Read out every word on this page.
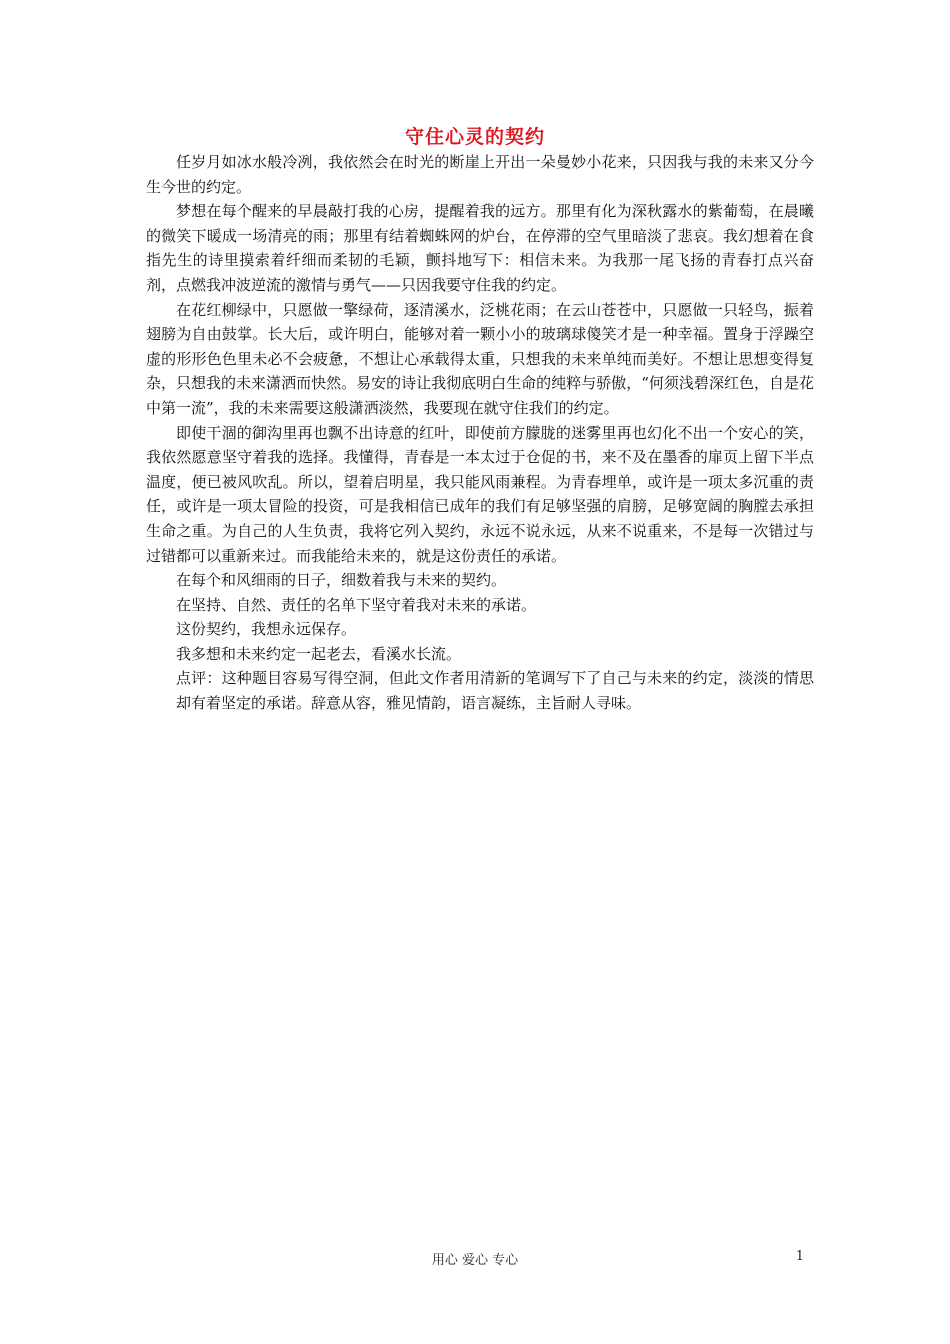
守住心灵的契约

任岁月如冰水般冷冽，我依然会在时光的断崖上开出一朵曼妙小花来，只因我与我的未来又分今生今世的约定。

梦想在每个醒来的早晨敲打我的心房，提醒着我的远方。那里有化为深秋露水的紫葡萄，在晨曦的微笑下暖成一场清亮的雨；那里有结着蜘蛛网的炉台，在停滞的空气里暗淡了悲哀。我幻想着在食指先生的诗里摸索着纤细而柔韧的毛颖，颤抖地写下：相信未来。为我那一尾飞扬的青春打点兴奋剂，点燃我冲波逆流的激情与勇气——只因我要守住我的约定。

在花红柳绿中，只愿做一擎绿荷，逐清溪水，泛桃花雨；在云山苍苍中，只愿做一只轻鸟，振着翅膀为自由鼓掌。长大后，或许明白，能够对着一颗小小的玻璃球傻笑才是一种幸福。置身于浮躁空虚的形形色色里未必不会疲惫，不想让心承载得太重，只想我的未来单纯而美好。不想让思想变得复杂，只想我的未来潇洒而快然。易安的诗让我彻底明白生命的纯粹与骄傲，“何须浅碧深红色，自是花中第一流”，我的未来需要这般潇洒淡然，我要现在就守住我们的约定。

即使干涸的御沟里再也飘不出诗意的红叶，即使前方朦胧的迷雾里再也幻化不出一个安心的笑，我依然愿意坚守着我的选择。我懂得，青春是一本太过于仓促的书，来不及在墨香的扉页上留下半点温度，便已被风吹乱。所以，望着启明星，我只能风雨兼程。为青春埋单，或许是一项太多沉重的责任，或许是一项太冒险的投资，可是我相信已成年的我们有足够坚强的肩膀，足够宽阔的胸膛去承担生命之重。为自己的人生负责，我将它列入契约，永远不说永远，从来不说重来，不是每一次错过与过错都可以重新来过。而我能给未来的，就是这份责任的承诺。

在每个和风细雨的日子，细数着我与未来的契约。

在坚持、自然、责任的名单下坚守着我对未来的承诺。

这份契约，我想永远保存。

我多想和未来约定一起老去，看溪水长流。

点评：这种题目容易写得空洞，但此文作者用清新的笔调写下了自己与未来的约定，淡淡的情思却有着坚定的承诺。辞意从容，雅见情韵，语言凝练，主旨耐人寻味。

用心 爱心 专心	1
